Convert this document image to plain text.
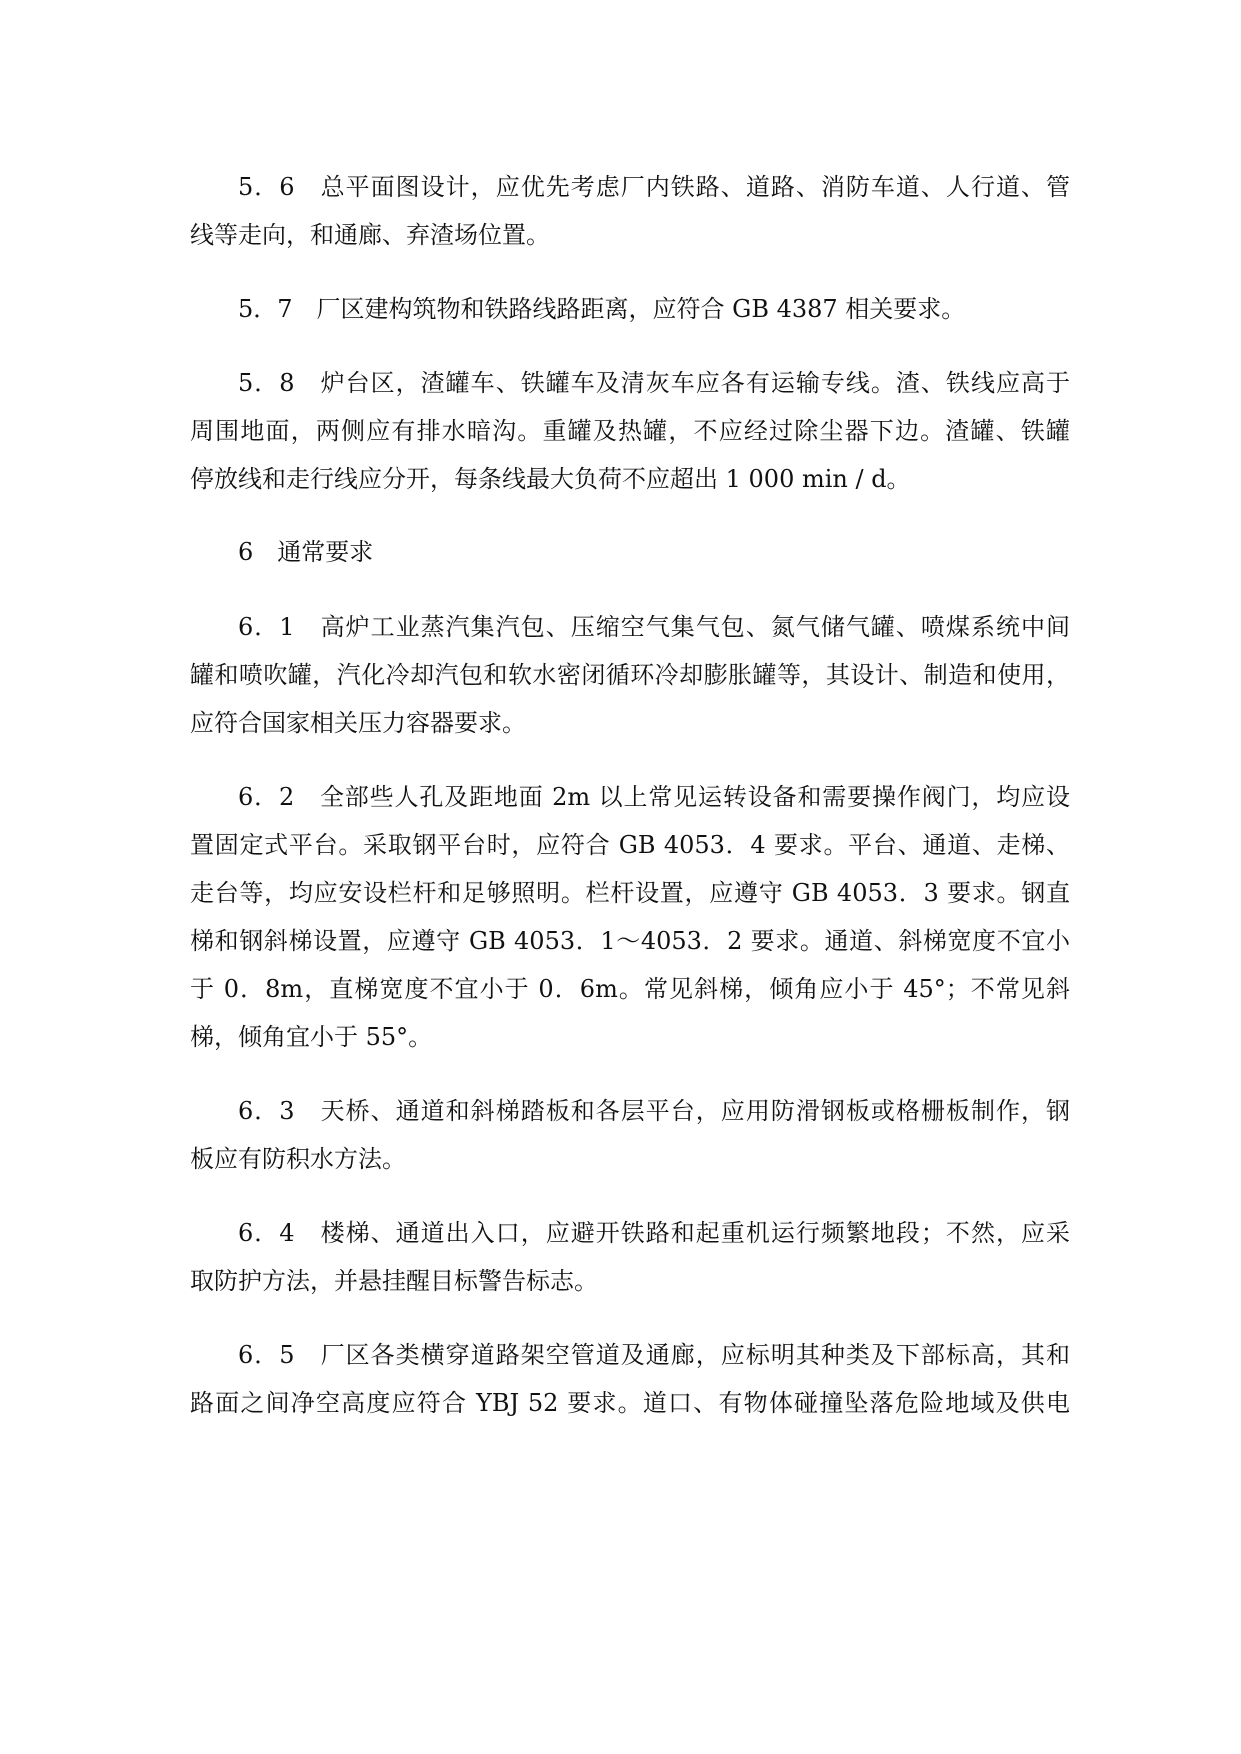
5．6　总平面图设计，应优先考虑厂内铁路、道路、消防车道、人行道、管
线等走向，和通廊、弃渣场位置。
5．7　厂区建构筑物和铁路线路距离，应符合 GB 4387 相关要求。
5．8　炉台区，渣罐车、铁罐车及清灰车应各有运输专线。渣、铁线应高于
周围地面，两侧应有排水暗沟。重罐及热罐，不应经过除尘器下边。渣罐、铁罐
停放线和走行线应分开，每条线最大负荷不应超出 1 000 min / d。
6　通常要求
6．1　高炉工业蒸汽集汽包、压缩空气集气包、氮气储气罐、喷煤系统中间
罐和喷吹罐，汽化冷却汽包和软水密闭循环冷却膨胀罐等，其设计、制造和使用，
应符合国家相关压力容器要求。
6．2　全部些人孔及距地面 2m 以上常见运转设备和需要操作阀门，均应设
置固定式平台。采取钢平台时，应符合 GB 4053．4 要求。平台、通道、走梯、
走台等，均应安设栏杆和足够照明。栏杆设置，应遵守 GB 4053．3 要求。钢直
梯和钢斜梯设置，应遵守 GB 4053．1～4053．2 要求。通道、斜梯宽度不宜小
于 0．8m，直梯宽度不宜小于 0．6m。常见斜梯，倾角应小于 45°；不常见斜
梯，倾角宜小于 55°。
6．3　天桥、通道和斜梯踏板和各层平台，应用防滑钢板或格栅板制作，钢
板应有防积水方法。
6．4　楼梯、通道出入口，应避开铁路和起重机运行频繁地段；不然，应采
取防护方法，并悬挂醒目标警告标志。
6．5　厂区各类横穿道路架空管道及通廊，应标明其种类及下部标高，其和
路面之间净空高度应符合 YBJ 52 要求。道口、有物体碰撞坠落危险地域及供电
